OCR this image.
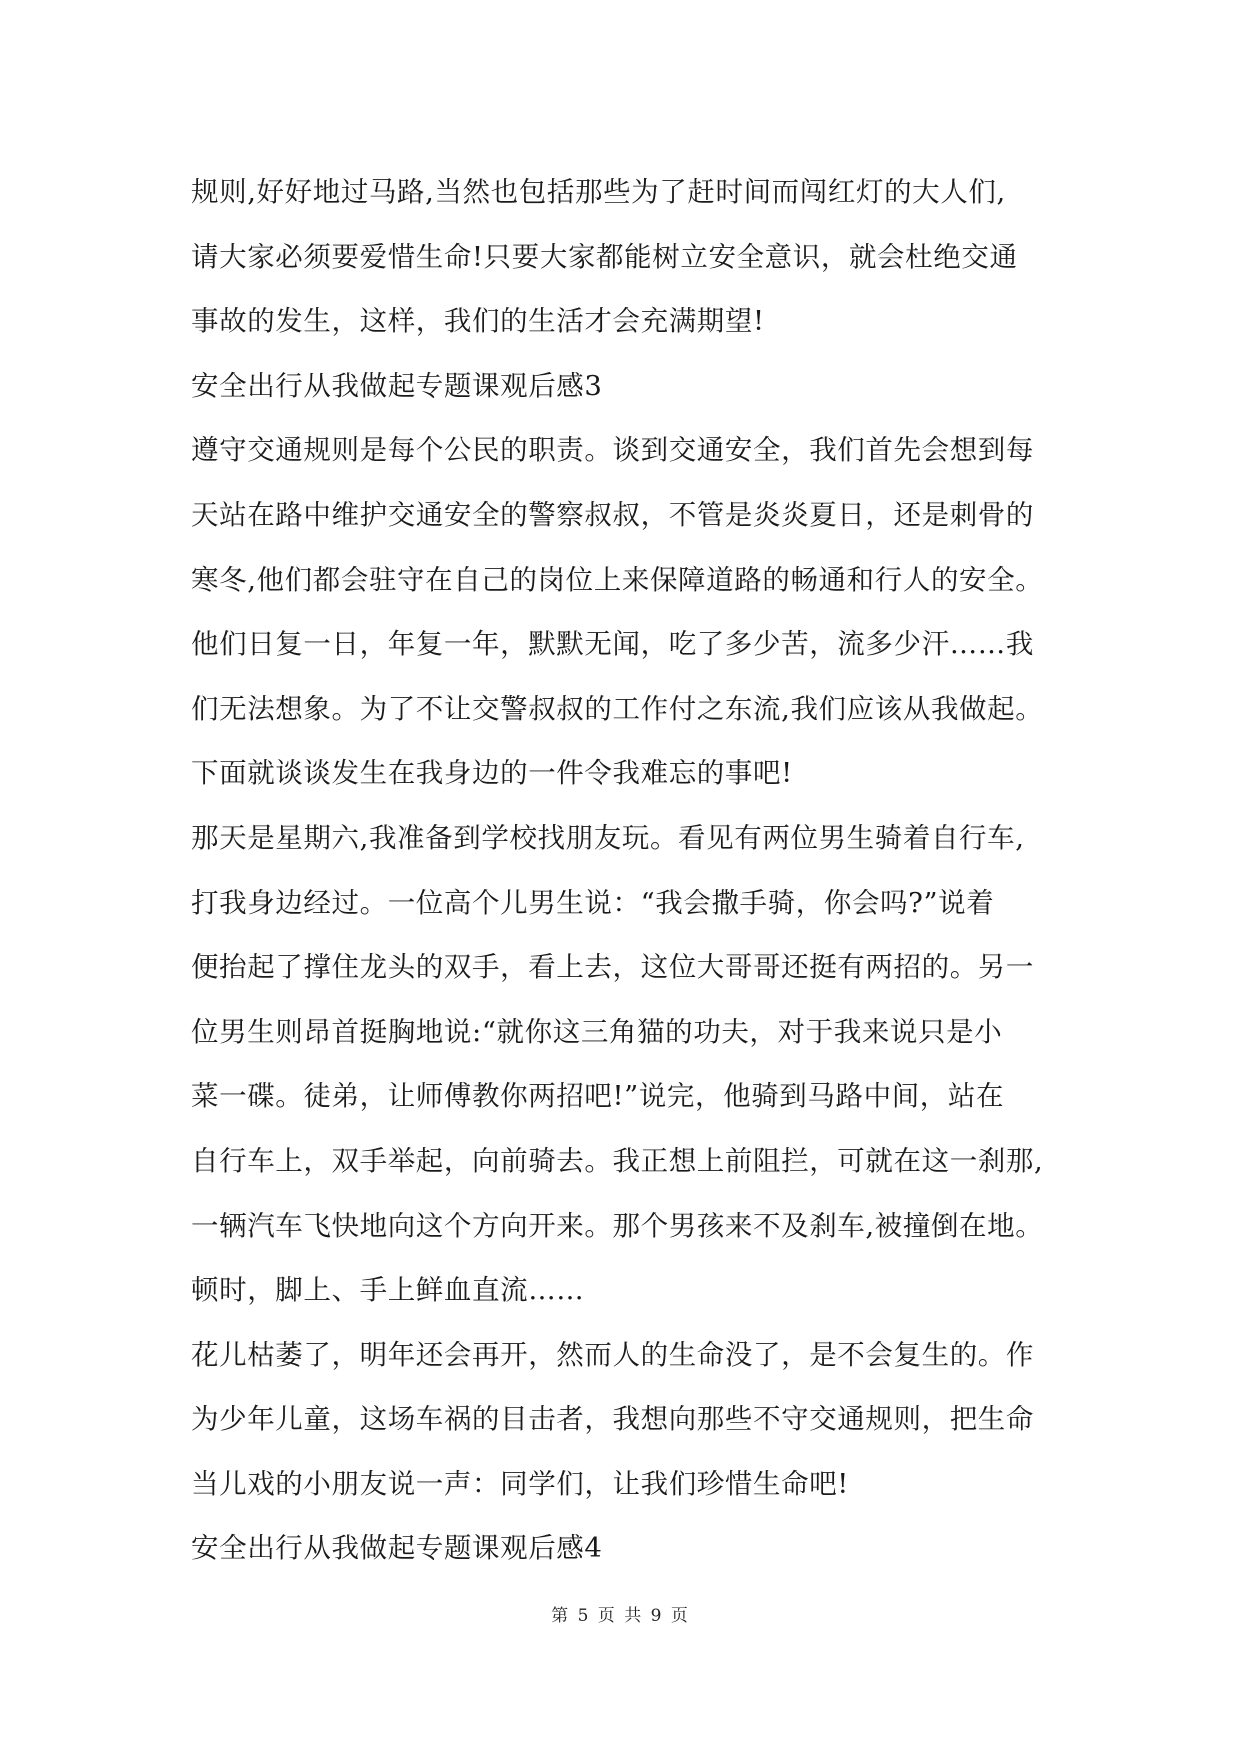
规则,好好地过马路,当然也包括那些为了赶时间而闯红灯的大人们,
请大家必须要爱惜生命!只要大家都能树立安全意识，就会杜绝交通
事故的发生，这样，我们的生活才会充满期望!
安全出行从我做起专题课观后感3
遵守交通规则是每个公民的职责。谈到交通安全，我们首先会想到每
天站在路中维护交通安全的警察叔叔，不管是炎炎夏日，还是刺骨的
寒冬,他们都会驻守在自己的岗位上来保障道路的畅通和行人的安全。
他们日复一日，年复一年，默默无闻，吃了多少苦，流多少汗……我
们无法想象。为了不让交警叔叔的工作付之东流,我们应该从我做起。
下面就谈谈发生在我身边的一件令我难忘的事吧!
那天是星期六,我准备到学校找朋友玩。看见有两位男生骑着自行车,
打我身边经过。一位高个儿男生说：“我会撒手骑，你会吗?”说着
便抬起了撑住龙头的双手，看上去，这位大哥哥还挺有两招的。另一
位男生则昂首挺胸地说:“就你这三角猫的功夫，对于我来说只是小
菜一碟。徒弟，让师傅教你两招吧!”说完，他骑到马路中间，站在
自行车上，双手举起，向前骑去。我正想上前阻拦，可就在这一刹那,
一辆汽车飞快地向这个方向开来。那个男孩来不及刹车,被撞倒在地。
顿时，脚上、手上鲜血直流……
花儿枯萎了，明年还会再开，然而人的生命没了，是不会复生的。作
为少年儿童，这场车祸的目击者，我想向那些不守交通规则，把生命
当儿戏的小朋友说一声：同学们，让我们珍惜生命吧!
安全出行从我做起专题课观后感4
第 5 页 共 9 页
